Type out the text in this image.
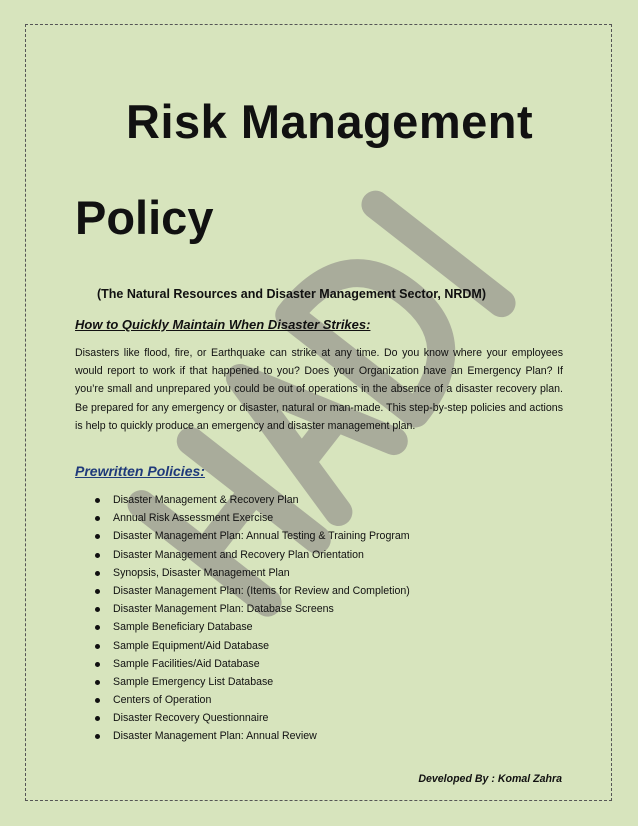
Risk Management
Policy
(The Natural Resources and Disaster Management Sector, NRDM)
How to Quickly Maintain When Disaster Strikes:

Disasters like flood, fire, or Earthquake can strike at any time. Do you know where your employees would report to work if that happened to you? Does your Organization have an Emergency Plan? If you’re small and unprepared you could be out of operations in the absence of a disaster recovery plan. Be prepared for any emergency or disaster, natural or man-made. This step-by-step policies and actions is help to quickly produce an emergency and disaster management plan.

Prewritten Policies:
Disaster Management & Recovery Plan
Annual Risk Assessment Exercise
Disaster Management Plan: Annual Testing & Training Program
Disaster Management and Recovery Plan Orientation
Synopsis, Disaster Management Plan
Disaster Management Plan: (Items for Review and Completion)
Disaster Management Plan: Database Screens
Sample Beneficiary Database
Sample Equipment/Aid Database
Sample Facilities/Aid Database
Sample Emergency List Database
Centers of Operation
Disaster Recovery Questionnaire
Disaster Management Plan: Annual Review
Developed By : Komal Zahra
